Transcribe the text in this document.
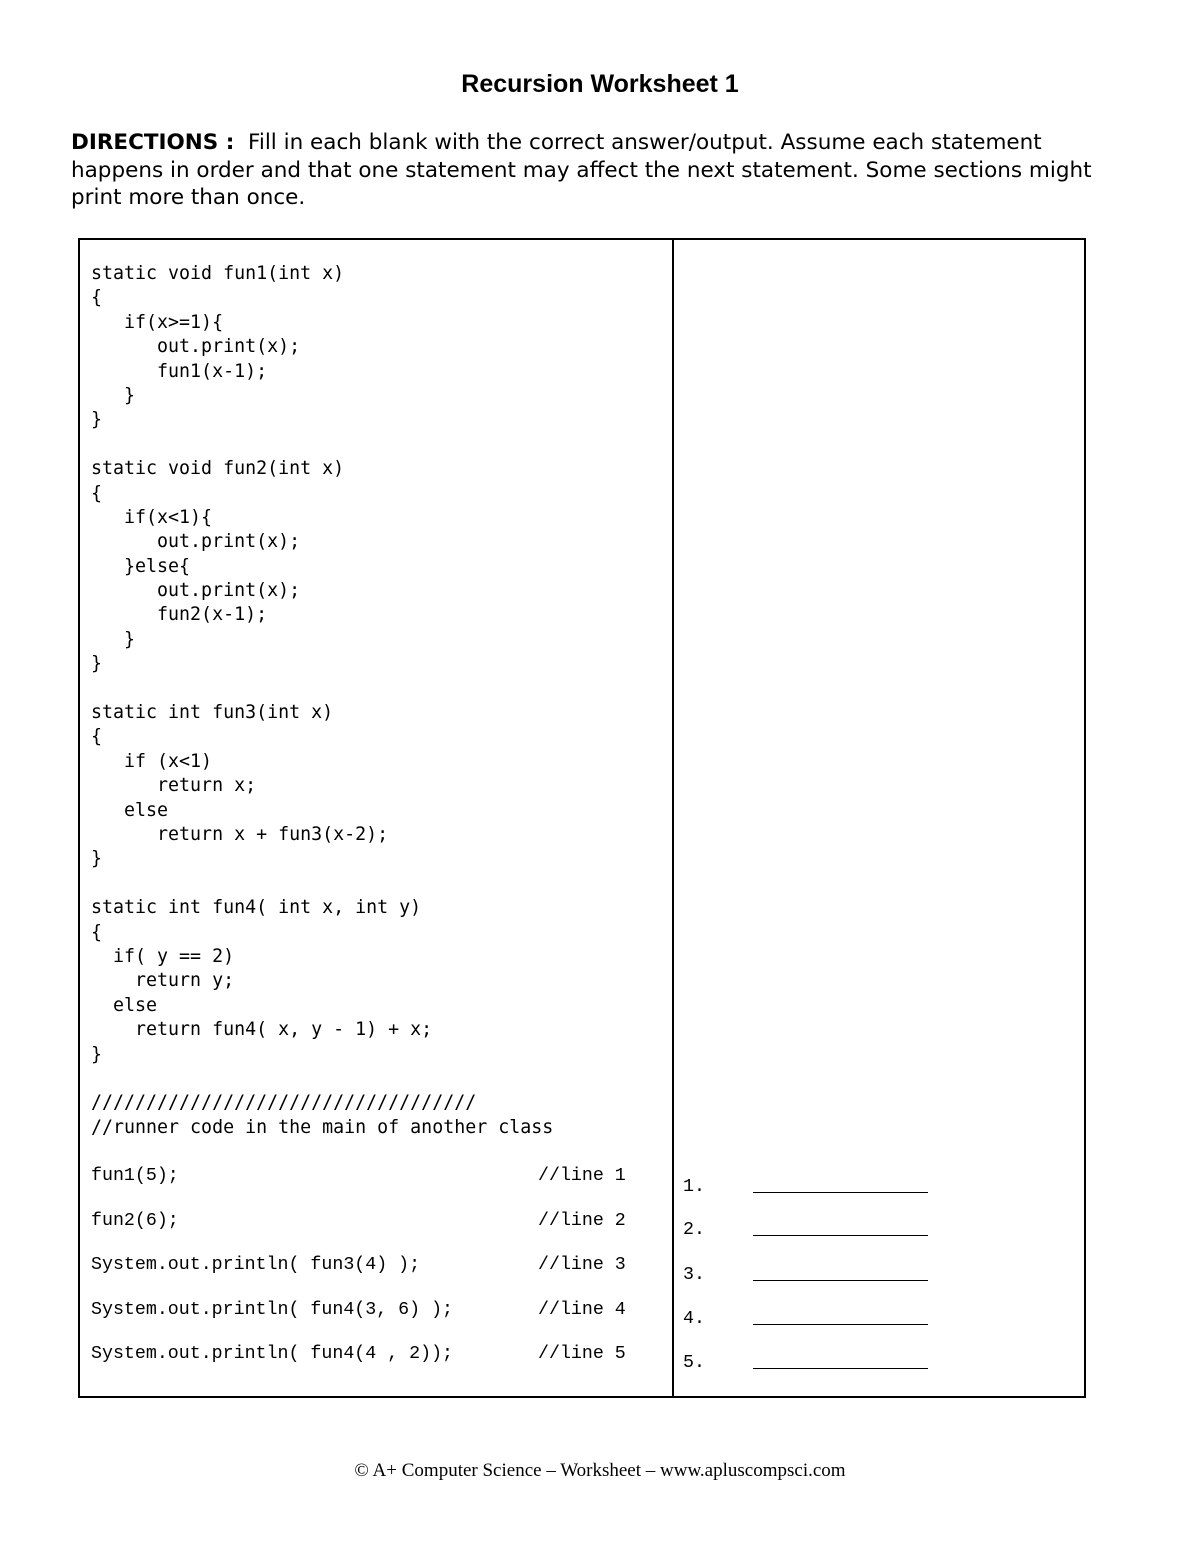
Recursion Worksheet 1
DIRECTIONS : Fill in each blank with the correct answer/output. Assume each statement happens in order and that one statement may affect the next statement. Some sections might print more than once.
static void fun1(int x)
{
if(x>=1){
out.print(x);
fun1(x-1);
}
}
static void fun2(int x)
{
if(x<1){
out.print(x);
}else{
out.print(x);
fun2(x-1);
}
}
static int fun3(int x)
{
if (x<1)
return x;
else
return x + fun3(x-2);
}
static int fun4( int x, int y)
{
if( y == 2)
return y;
else
return fun4( x, y - 1) + x;
}
///////////////////////////////////
//runner code in the main of another class
fun1(5);	//line 1
fun2(6);	//line 2
System.out.println( fun3(4) );	//line 3
System.out.println( fun4(3, 6) );	//line 4
System.out.println( fun4(4 , 2));	//line 5
1.
2.
3.
4.
5.
© A+ Computer Science – Worksheet – www.apluscompsci.com
